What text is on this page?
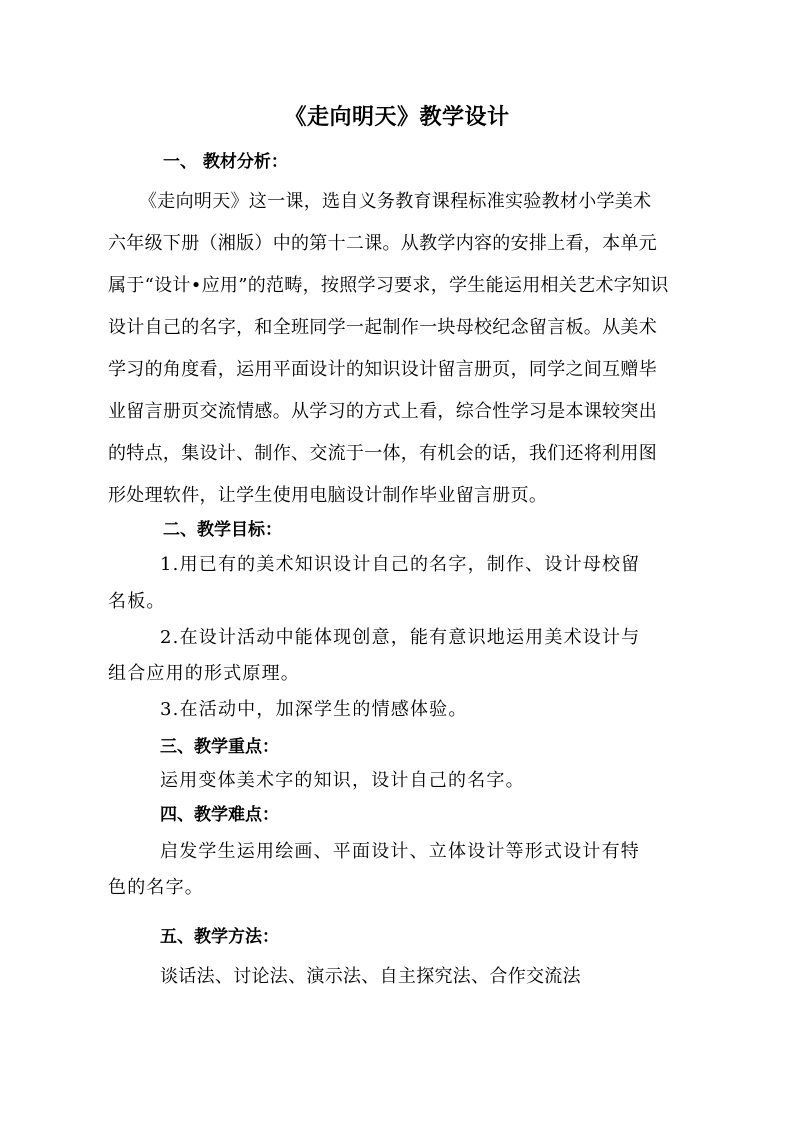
《走向明天》教学设计
一、 教材分析：
《走向明天》这一课，选自义务教育课程标准实验教材小学美术
六年级下册（湘版）中的第十二课。从教学内容的安排上看，本单元
属于“设计•应用”的范畴，按照学习要求，学生能运用相关艺术字知识
设计自己的名字，和全班同学一起制作一块母校纪念留言板。从美术
学习的角度看，运用平面设计的知识设计留言册页，同学之间互赠毕
业留言册页交流情感。从学习的方式上看，综合性学习是本课较突出
的特点，集设计、制作、交流于一体，有机会的话，我们还将利用图
形处理软件，让学生使用电脑设计制作毕业留言册页。
二、教学目标：
1.用已有的美术知识设计自己的名字，制作、设计母校留
名板。
2.在设计活动中能体现创意，能有意识地运用美术设计与
组合应用的形式原理。
3.在活动中，加深学生的情感体验。
三、教学重点：
运用变体美术字的知识，设计自己的名字。
四、教学难点：
启发学生运用绘画、平面设计、立体设计等形式设计有特
色的名字。
五、教学方法：
谈话法、讨论法、演示法、自主探究法、合作交流法
